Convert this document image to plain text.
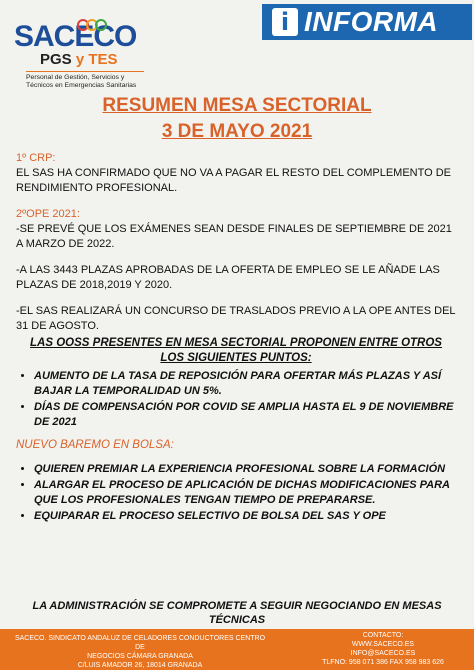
SACECO
PGS y TES
Personal de Gestión, Servicios y
Técnicos en Emergencias Sanitarias
i INFORMA
RESUMEN MESA SECTORIAL
3 DE MAYO 2021

1º CRP:

EL SAS HA CONFIRMADO QUE NO VA A PAGAR EL RESTO DEL COMPLEMENTO DE RENDIMIENTO PROFESIONAL.

2ºOPE 2021:

-SE PREVÉ QUE LOS EXÁMENES SEAN DESDE FINALES DE SEPTIEMBRE DE 2021 A MARZO DE 2022.

-A LAS 3443 PLAZAS APROBADAS DE LA OFERTA DE EMPLEO SE LE AÑADE LAS PLAZAS DE 2018,2019 Y 2020.

-EL SAS REALIZARÁ UN CONCURSO DE TRASLADOS PREVIO A LA OPE ANTES DEL 31 DE AGOSTO.

LAS OOSS PRESENTES EN MESA SECTORIAL PROPONEN ENTRE OTROS

LOS SIGUIENTES PUNTOS:

• AUMENTO DE LA TASA DE REPOSICIÓN PARA OFERTAR MÁS PLAZAS Y ASÍ BAJAR LA TEMPORALIDAD UN 5%.
• DÍAS DE COMPENSACIÓN POR COVID SE AMPLIA HASTA EL 9 DE NOVIEMBRE DE 2021

NUEVO BAREMO EN BOLSA:

• QUIEREN PREMIAR LA EXPERIENCIA PROFESIONAL SOBRE LA FORMACIÓN
• ALARGAR EL PROCESO DE APLICACIÓN DE DICHAS MODIFICACIONES PARA QUE LOS PROFESIONALES TENGAN TIEMPO DE PREPARARSE.
• EQUIPARAR EL PROCESO SELECTIVO DE BOLSA DEL SAS Y OPE
LA ADMINISTRACIÓN SE COMPROMETE A SEGUIR NEGOCIANDO EN MESAS TÉCNICAS
SACECO. SINDICATO ANDALUZ DE CELADORES CONDUCTORES CENTRO DE
NEGOCIOS CÁMARA GRANADA
C/LUIS AMADOR 26, 18014 GRANADA
CONTACTO:
WWW.SACECO.ES
INFO@SACECO.ES
TLFNO: 958 071 386 FAX 958 983 626
